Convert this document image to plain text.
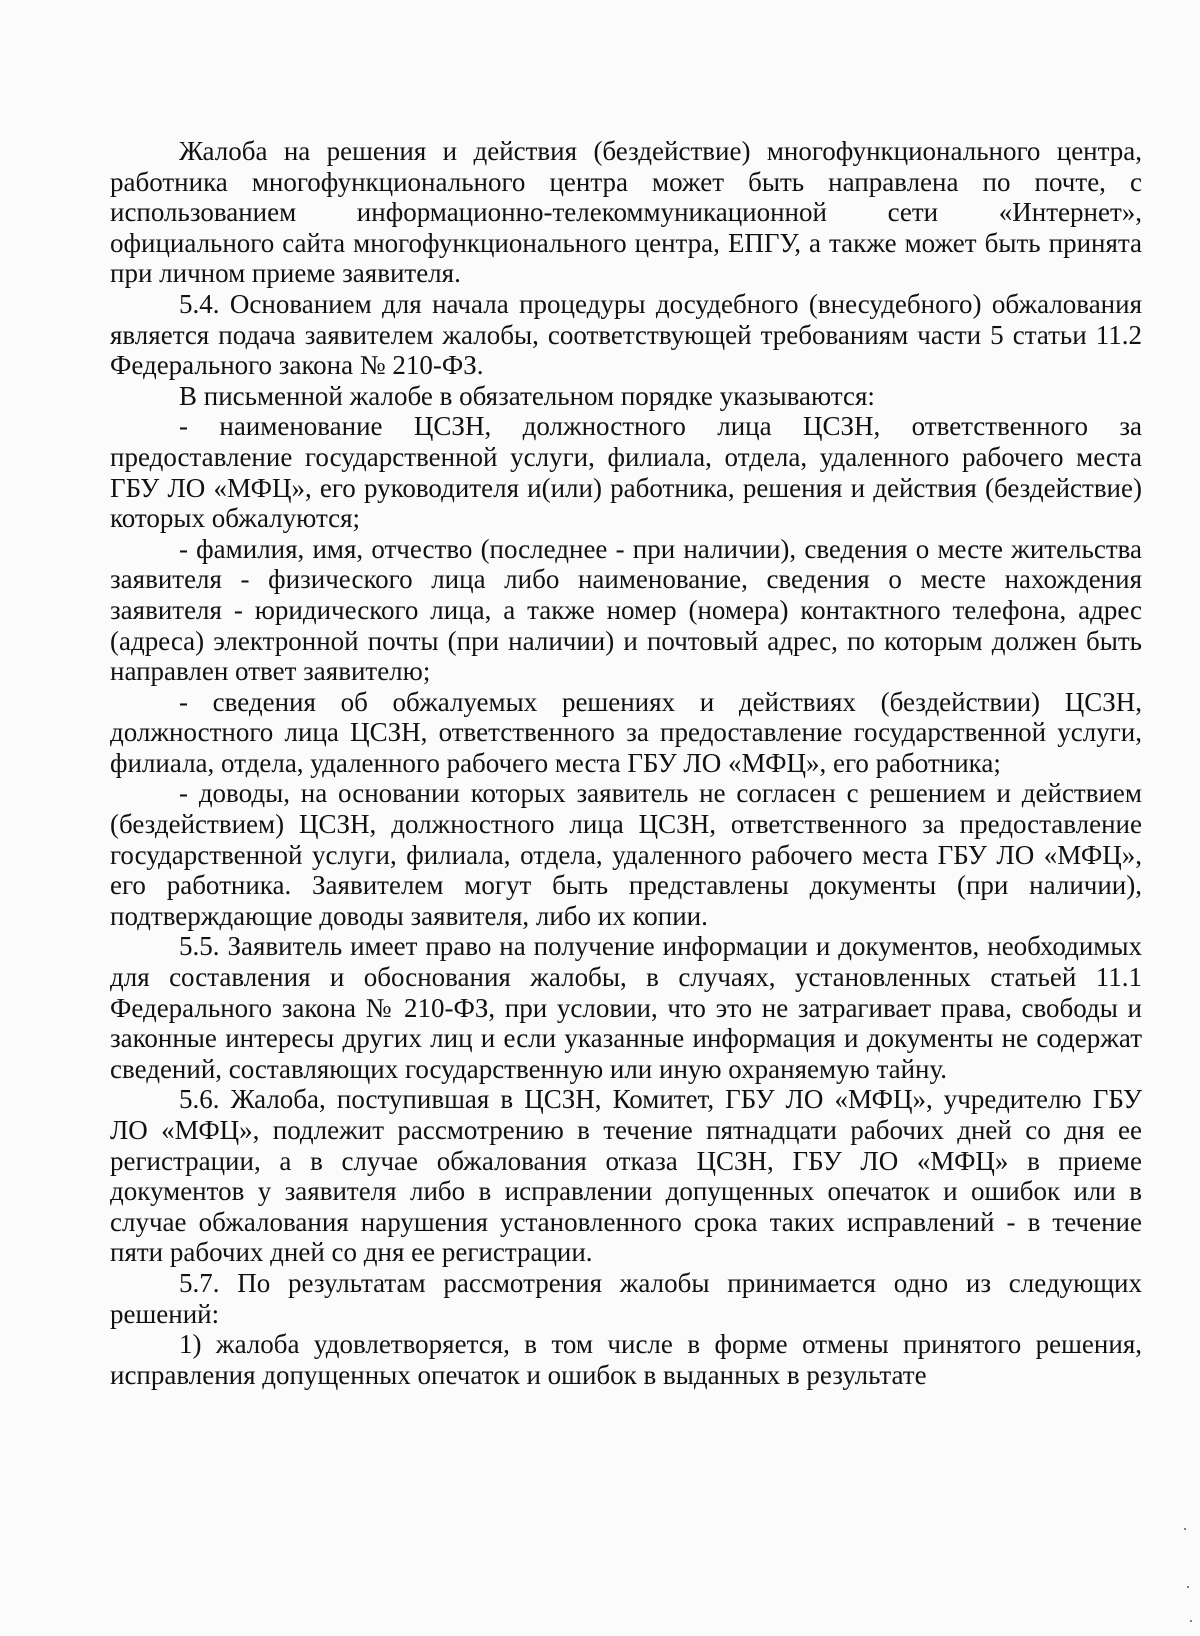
Жалоба на решения и действия (бездействие) многофункционального центра, работника многофункционального центра может быть направлена по почте, с использованием информационно-телекоммуникационной сети «Интернет», официального сайта многофункционального центра, ЕПГУ, а также может быть принята при личном приеме заявителя.

5.4. Основанием для начала процедуры досудебного (внесудебного) обжалования является подача заявителем жалобы, соответствующей требованиям части 5 статьи 11.2 Федерального закона № 210-ФЗ.

В письменной жалобе в обязательном порядке указываются:

- наименование ЦСЗН, должностного лица ЦСЗН, ответственного за предоставление государственной услуги, филиала, отдела, удаленного рабочего места ГБУ ЛО «МФЦ», его руководителя и(или) работника, решения и действия (бездействие) которых обжалуются;

- фамилия, имя, отчество (последнее - при наличии), сведения о месте жительства заявителя - физического лица либо наименование, сведения о месте нахождения заявителя - юридического лица, а также номер (номера) контактного телефона, адрес (адреса) электронной почты (при наличии) и почтовый адрес, по которым должен быть направлен ответ заявителю;

- сведения об обжалуемых решениях и действиях (бездействии) ЦСЗН, должностного лица ЦСЗН, ответственного за предоставление государственной услуги, филиала, отдела, удаленного рабочего места ГБУ ЛО «МФЦ», его работника;

- доводы, на основании которых заявитель не согласен с решением и действием (бездействием) ЦСЗН, должностного лица ЦСЗН, ответственного за предоставление государственной услуги, филиала, отдела, удаленного рабочего места ГБУ ЛО «МФЦ», его работника. Заявителем могут быть представлены документы (при наличии), подтверждающие доводы заявителя, либо их копии.

5.5. Заявитель имеет право на получение информации и документов, необходимых для составления и обоснования жалобы, в случаях, установленных статьей 11.1 Федерального закона № 210-ФЗ, при условии, что это не затрагивает права, свободы и законные интересы других лиц и если указанные информация и документы не содержат сведений, составляющих государственную или иную охраняемую тайну.

5.6. Жалоба, поступившая в ЦСЗН, Комитет, ГБУ ЛО «МФЦ», учредителю ГБУ ЛО «МФЦ», подлежит рассмотрению в течение пятнадцати рабочих дней со дня ее регистрации, а в случае обжалования отказа ЦСЗН, ГБУ ЛО «МФЦ» в приеме документов у заявителя либо в исправлении допущенных опечаток и ошибок или в случае обжалования нарушения установленного срока таких исправлений - в течение пяти рабочих дней со дня ее регистрации.

5.7. По результатам рассмотрения жалобы принимается одно из следующих решений:

1) жалоба удовлетворяется, в том числе в форме отмены принятого решения, исправления допущенных опечаток и ошибок в выданных в результате
